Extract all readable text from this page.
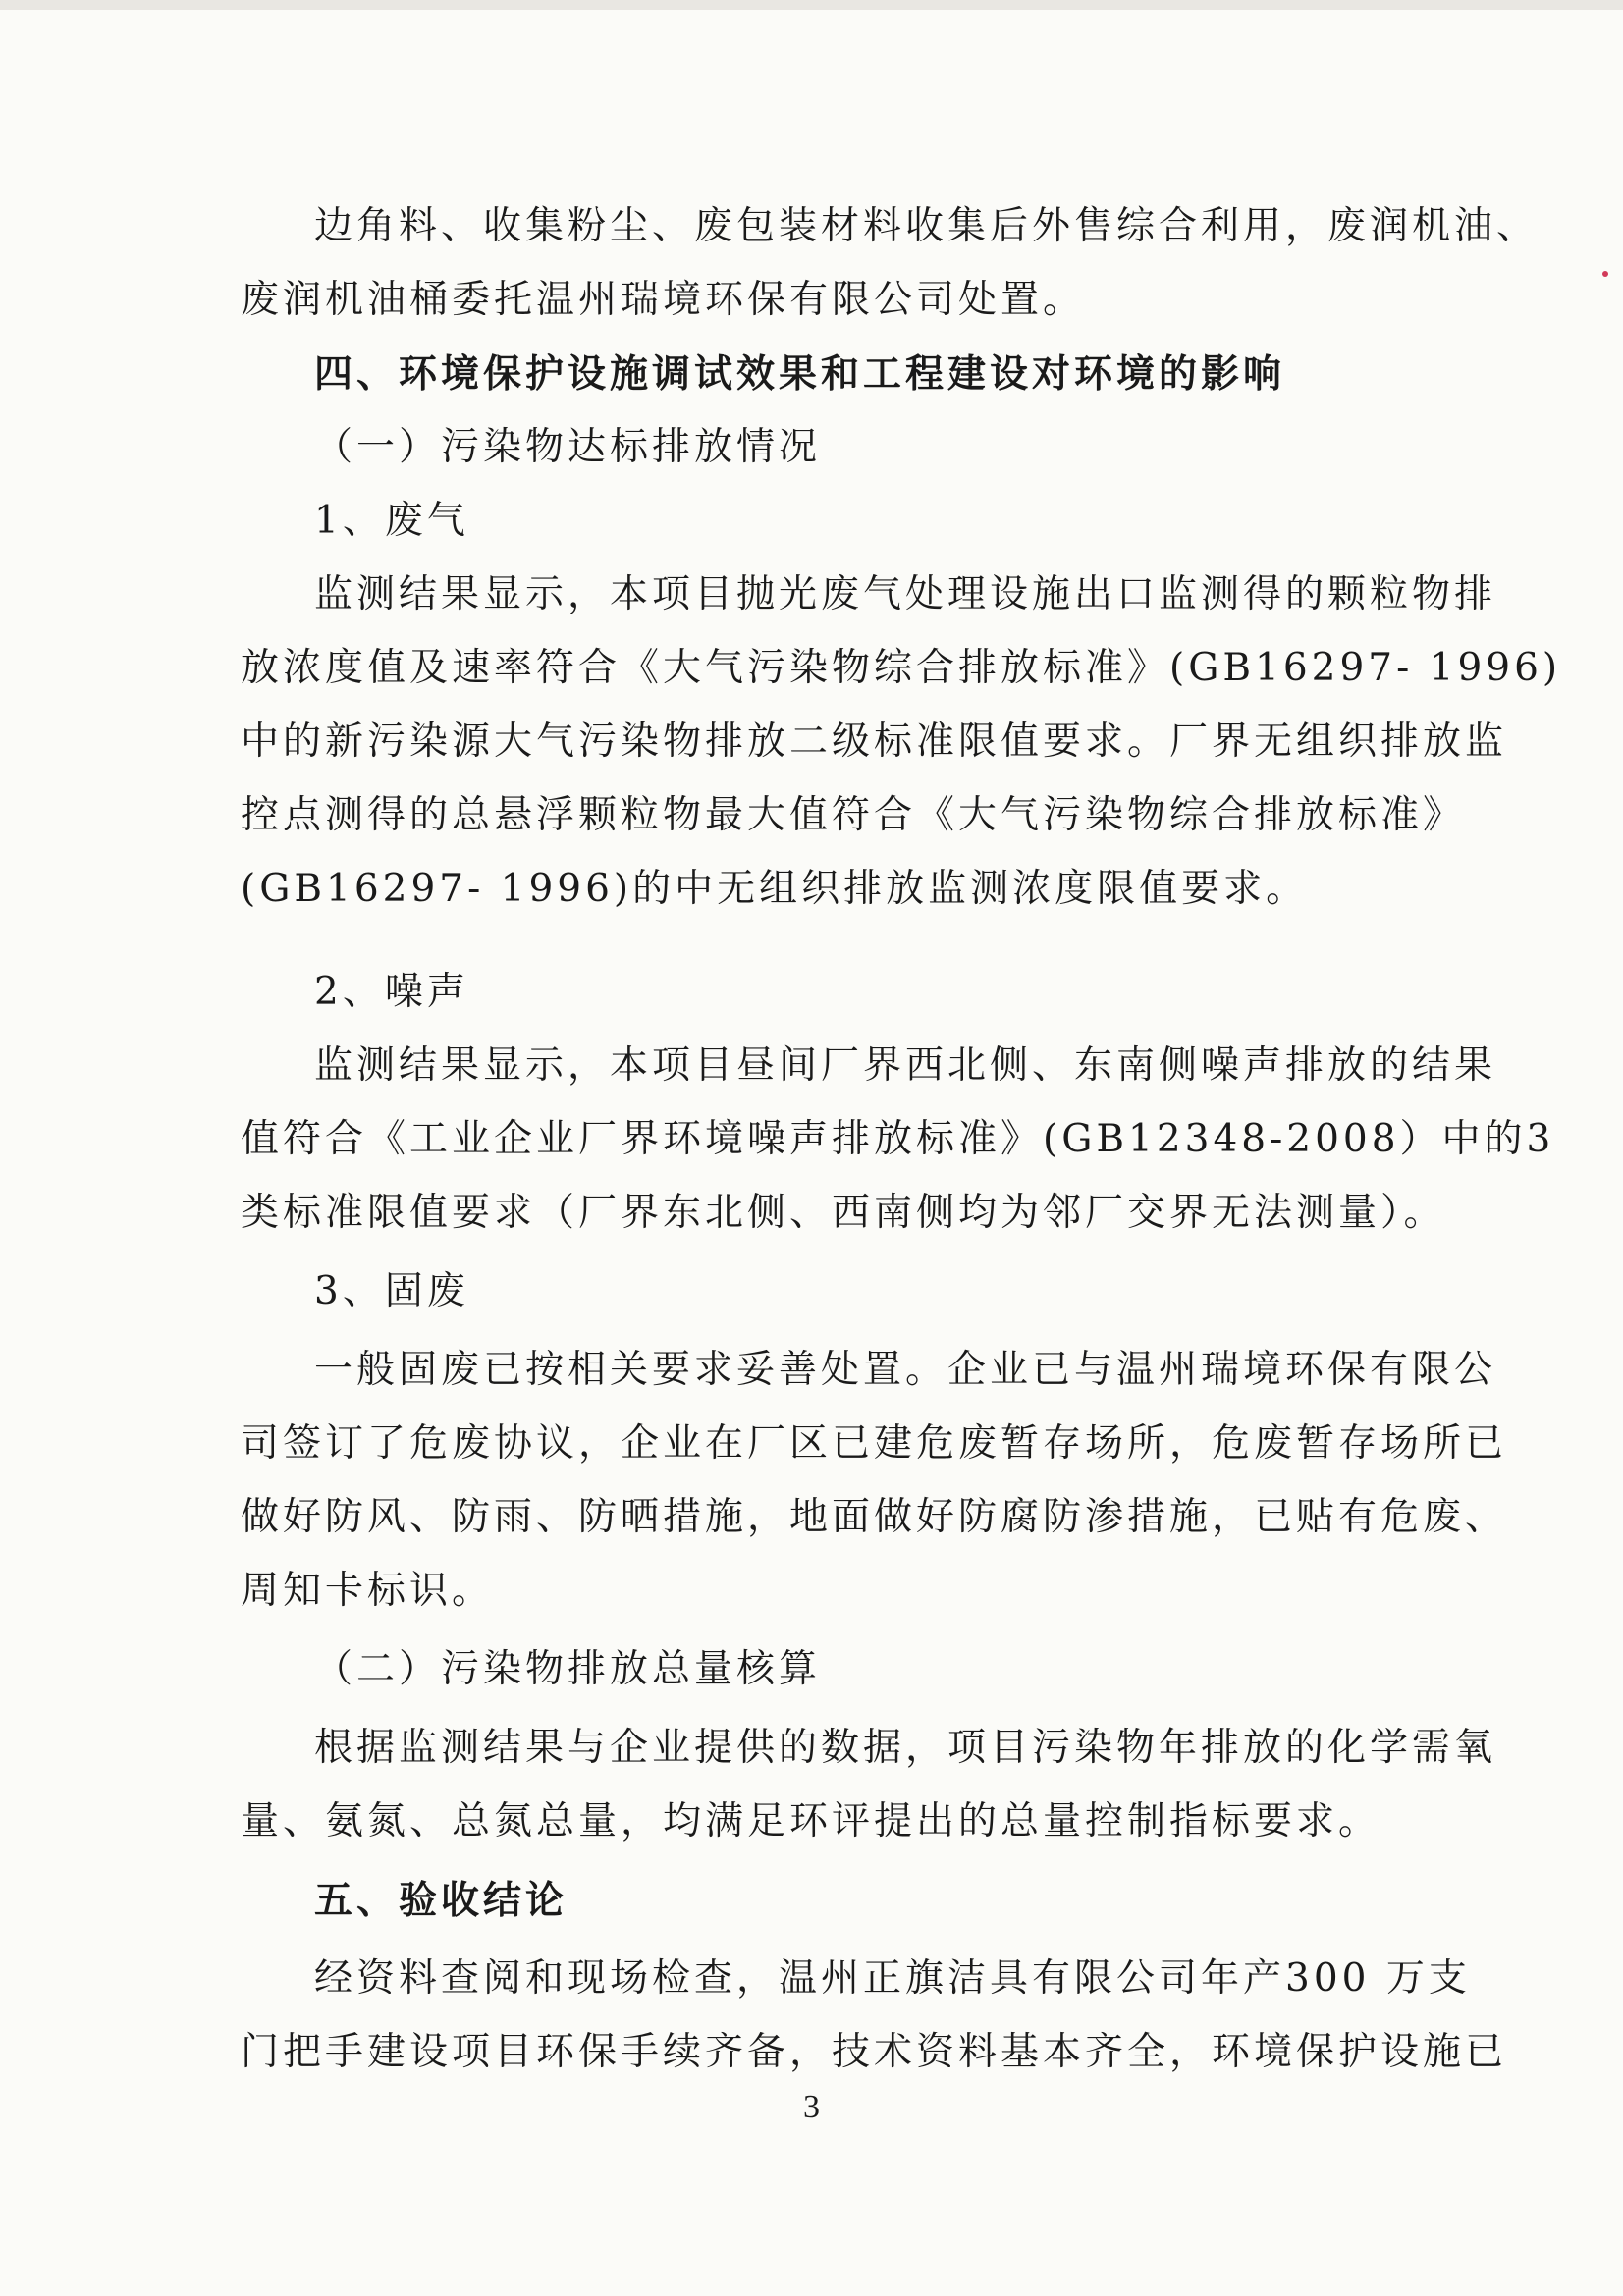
边角料、收集粉尘、废包装材料收集后外售综合利用，废润机油、
废润机油桶委托温州瑞境环保有限公司处置。
四、环境保护设施调试效果和工程建设对环境的影响
（一）污染物达标排放情况
1、废气
监测结果显示，本项目抛光废气处理设施出口监测得的颗粒物排
放浓度值及速率符合《大气污染物综合排放标准》(GB16297- 1996)
中的新污染源大气污染物排放二级标准限值要求。厂界无组织排放监
控点测得的总悬浮颗粒物最大值符合《大气污染物综合排放标准》
(GB16297- 1996)的中无组织排放监测浓度限值要求。
2、噪声
监测结果显示，本项目昼间厂界西北侧、东南侧噪声排放的结果
值符合《工业企业厂界环境噪声排放标准》(GB12348-2008）中的3
类标准限值要求（厂界东北侧、西南侧均为邻厂交界无法测量）。
3、固废
一般固废已按相关要求妥善处置。企业已与温州瑞境环保有限公
司签订了危废协议，企业在厂区已建危废暂存场所，危废暂存场所已
做好防风、防雨、防晒措施，地面做好防腐防渗措施，已贴有危废、
周知卡标识。
（二）污染物排放总量核算
根据监测结果与企业提供的数据，项目污染物年排放的化学需氧
量、氨氮、总氮总量，均满足环评提出的总量控制指标要求。
五、验收结论
经资料查阅和现场检查，温州正旗洁具有限公司年产300 万支
门把手建设项目环保手续齐备，技术资料基本齐全，环境保护设施已
3
